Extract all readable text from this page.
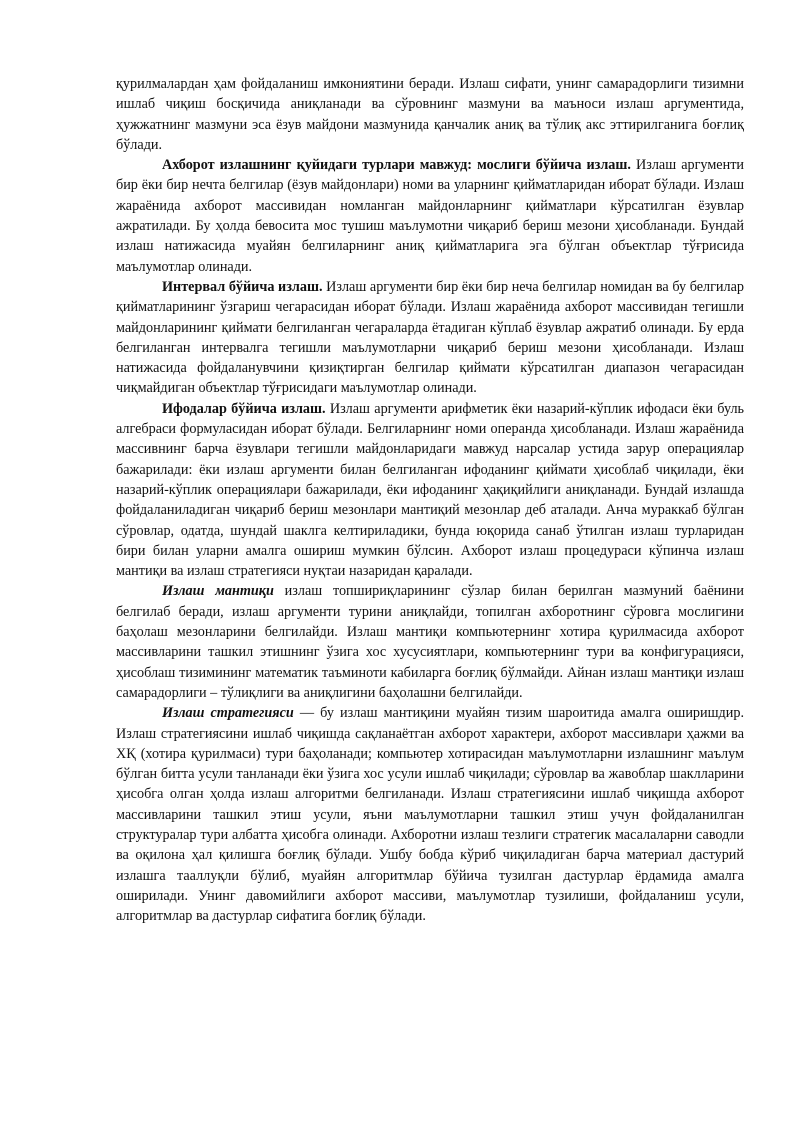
қурилмалардан ҳам фойдаланиш имкониятини беради. Излаш сифати, унинг самарадорлиги тизимни ишлаб чиқиш босқичида аниқланади ва сўровнинг мазмуни ва маъноси излаш аргументида, ҳужжатнинг мазмуни эса ёзув майдони мазмунида қанчалик аниқ ва тўлиқ акс эттирилганига боғлиқ бўлади.

Ахборот излашнинг қуйидаги турлари мавжуд: мослиги бўйича излаш. Излаш аргументи бир ёки бир нечта белгилар (ёзув майдонлари) номи ва уларнинг қийматларидан иборат бўлади. Излаш жараёнида ахборот массивидан номланган майдонларнинг қийматлари кўрсатилган ёзувлар ажратилади. Бу ҳолда бевосита мос тушиш маълумотни чиқариб бериш мезони ҳисобланади. Бундай излаш натижасида муайян белгиларнинг аниқ қийматларига эга бўлган объектлар тўғрисида маълумотлар олинади.

Интервал бўйича излаш. Излаш аргументи бир ёки бир неча белгилар номидан ва бу белгилар қийматларининг ўзгариш чегарасидан иборат бўлади. Излаш жараёнида ахборот массивидан тегишли майдонларининг қиймати белгиланган чегараларда ётадиган кўплаб ёзувлар ажратиб олинади. Бу ерда белгиланган интервалга тегишли маълумотларни чиқариб бериш мезони ҳисобланади. Излаш натижасида фойдаланувчини қизиқтирган белгилар қиймати кўрсатилган диапазон чегарасидан чиқмайдиган объектлар тўғрисидаги маълумотлар олинади.

Ифодалар бўйича излаш. Излаш аргументи арифметик ёки назарий-кўплик ифодаси ёки буль алгебраси формуласидан иборат бўлади. Белгиларнинг номи операнда ҳисобланади. Излаш жараёнида массивнинг барча ёзувлари тегишли майдонларидаги мавжуд нарсалар устида зарур операциялар бажарилади: ёки излаш аргументи билан белгиланган ифоданинг қиймати ҳисоблаб чиқилади, ёки назарий-кўплик операциялари бажарилади, ёки ифоданинг ҳақиқийлиги аниқланади. Бундай излашда фойдаланиладиган чиқариб бериш мезонлари мантиқий мезонлар деб аталади. Анча мураккаб бўлган сўровлар, одатда, шундай шаклга келтириладики, бунда юқорида санаб ўтилган излаш турларидан бири билан уларни амалга ошириш мумкин бўлсин. Ахборот излаш процедураси кўпинча излаш мантиқи ва излаш стратегияси нуқтаи назаридан қаралади.

Излаш мантиқи излаш топшириқларининг сўзлар билан берилган мазмуний баёнини белгилаб беради, излаш аргументи турини аниқлайди, топилган ахборотнинг сўровга мослигини баҳолаш мезонларини белгилайди. Излаш мантиқи компьютернинг хотира қурилмасида ахборот массивларини ташкил этишнинг ўзига хос хусусиятлари, компьютернинг тури ва конфигурацияси, ҳисоблаш тизимининг математик таъминоти кабиларга боғлиқ бўлмайди. Айнан излаш мантиқи излаш самарадорлиги – тўлиқлиги ва аниқлигини баҳолашни белгилайди.

Излаш стратегияси — бу излаш мантиқини муайян тизим шароитида амалга оширишдир. Излаш стратегиясини ишлаб чиқишда сақланаётган ахборот характери, ахборот массивлари ҳажми ва ХҚ (хотира қурилмаси) тури баҳоланади; компьютер хотирасидан маълумотларни излашнинг маълум бўлган битта усули танланади ёки ўзига хос усули ишлаб чиқилади; сўровлар ва жавоблар шаклларини ҳисобга олган ҳолда излаш алгоритми белгиланади. Излаш стратегиясини ишлаб чиқишда ахборот массивларини ташкил этиш усули, яъни маълумотларни ташкил этиш учун фойдаланилган структуралар тури албатта ҳисобга олинади. Ахборотни излаш тезлиги стратегик масалаларни саводли ва оқилона ҳал қилишга боғлиқ бўлади. Ушбу бобда кўриб чиқиладиган барча материал дастурий излашга тааллуқли бўлиб, муайян алгоритмлар бўйича тузилган дастурлар ёрдамида амалга оширилади. Унинг давомийлиги ахборот массиви, маълумотлар тузилиши, фойдаланиш усули, алгоритмлар ва дастурлар сифатига боғлиқ бўлади.
